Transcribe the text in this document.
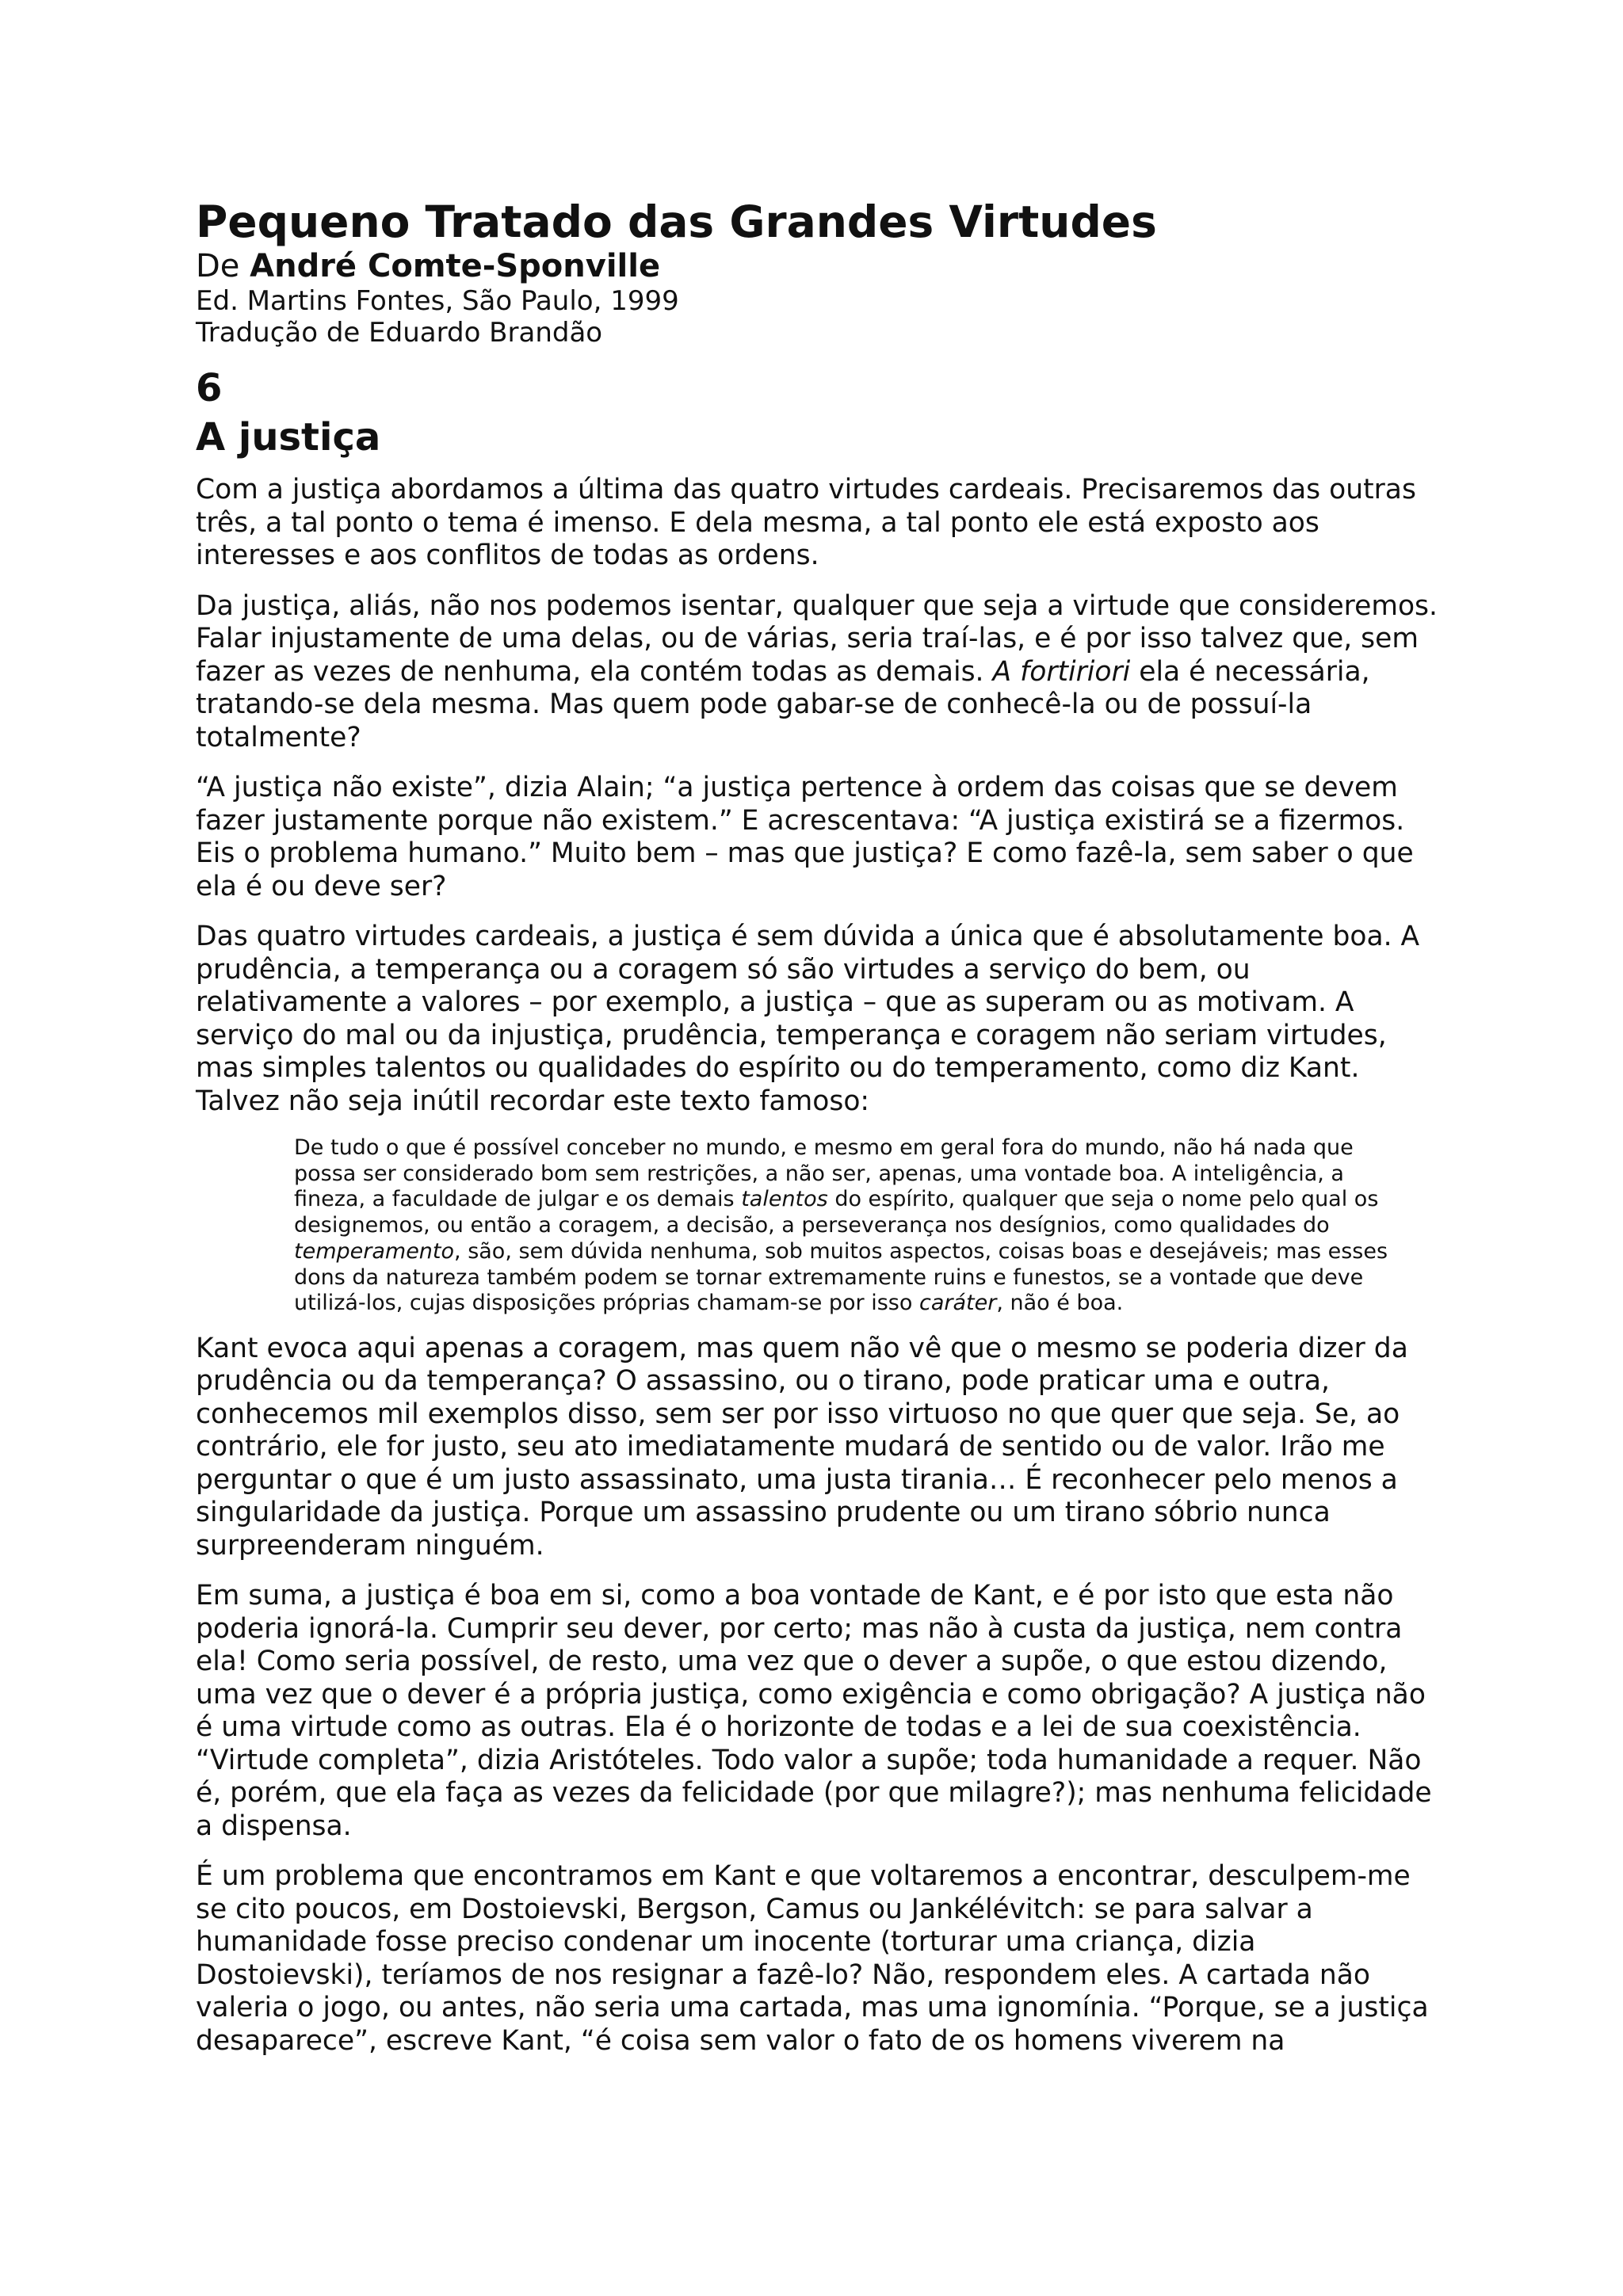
Pequeno Tratado das Grandes Virtudes

De André Comte-Sponville

Ed. Martins Fontes, São Paulo, 1999

Tradução de Eduardo Brandão

6
A justiça

Com a justiça abordamos a última das quatro virtudes cardeais. Precisaremos das outras três, a tal ponto o tema é imenso. E dela mesma, a tal ponto ele está exposto aos interesses e aos conflitos de todas as ordens.

Da justiça, aliás, não nos podemos isentar, qualquer que seja a virtude que consideremos. Falar injustamente de uma delas, ou de várias, seria traí-las, e é por isso talvez que, sem fazer as vezes de nenhuma, ela contém todas as demais. A fortiriori ela é necessária, tratando-se dela mesma. Mas quem pode gabar-se de conhecê-la ou de possuí-la totalmente?

“A justiça não existe”, dizia Alain; “a justiça pertence à ordem das coisas que se devem fazer justamente porque não existem.” E acrescentava: “A justiça existirá se a fizermos. Eis o problema humano.” Muito bem – mas que justiça? E como fazê-la, sem saber o que ela é ou deve ser?

Das quatro virtudes cardeais, a justiça é sem dúvida a única que é absolutamente boa. A prudência, a temperança ou a coragem só são virtudes a serviço do bem, ou relativamente a valores – por exemplo, a justiça – que as superam ou as motivam. A serviço do mal ou da injustiça, prudência, temperança e coragem não seriam virtudes, mas simples talentos ou qualidades do espírito ou do temperamento, como diz Kant. Talvez não seja inútil recordar este texto famoso:

De tudo o que é possível conceber no mundo, e mesmo em geral fora do mundo, não há nada que possa ser considerado bom sem restrições, a não ser, apenas, uma vontade boa. A inteligência, a fineza, a faculdade de julgar e os demais talentos do espírito, qualquer que seja o nome pelo qual os designemos, ou então a coragem, a decisão, a perseverança nos desígnios, como qualidades do temperamento, são, sem dúvida nenhuma, sob muitos aspectos, coisas boas e desejáveis; mas esses dons da natureza também podem se tornar extremamente ruins e funestos, se a vontade que deve utilizá-los, cujas disposições próprias chamam-se por isso caráter, não é boa.

Kant evoca aqui apenas a coragem, mas quem não vê que o mesmo se poderia dizer da prudência ou da temperança? O assassino, ou o tirano, pode praticar uma e outra, conhecemos mil exemplos disso, sem ser por isso virtuoso no que quer que seja. Se, ao contrário, ele for justo, seu ato imediatamente mudará de sentido ou de valor. Irão me perguntar o que é um justo assassinato, uma justa tirania… É reconhecer pelo menos a singularidade da justiça. Porque um assassino prudente ou um tirano sóbrio nunca surpreenderam ninguém.

Em suma, a justiça é boa em si, como a boa vontade de Kant, e é por isto que esta não poderia ignorá-la. Cumprir seu dever, por certo; mas não à custa da justiça, nem contra ela! Como seria possível, de resto, uma vez que o dever a supõe, o que estou dizendo, uma vez que o dever é a própria justiça, como exigência e como obrigação? A justiça não é uma virtude como as outras. Ela é o horizonte de todas e a lei de sua coexistência. “Virtude completa”, dizia Aristóteles. Todo valor a supõe; toda humanidade a requer. Não é, porém, que ela faça as vezes da felicidade (por que milagre?); mas nenhuma felicidade a dispensa.

É um problema que encontramos em Kant e que voltaremos a encontrar, desculpem-me se cito poucos, em Dostoievski, Bergson, Camus ou Jankélévitch: se para salvar a humanidade fosse preciso condenar um inocente (torturar uma criança, dizia Dostoievski), teríamos de nos resignar a fazê-lo? Não, respondem eles. A cartada não valeria o jogo, ou antes, não seria uma cartada, mas uma ignomínia. “Porque, se a justiça desaparece”, escreve Kant, “é coisa sem valor o fato de os homens viverem na
